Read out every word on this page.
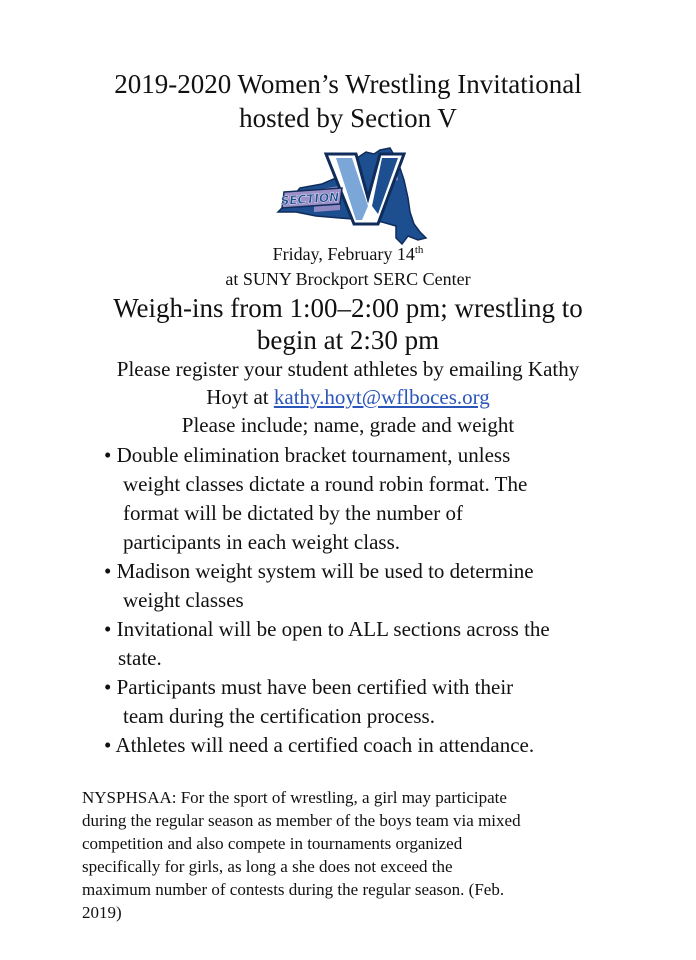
2019-2020 Women’s Wrestling Invitational
hosted by Section V
SECTION
Friday, February 14th
at SUNY Brockport SERC Center
Weigh-ins from 1:00–2:00 pm; wrestling to
begin at 2:30 pm
Please register your student athletes by emailing Kathy
Hoyt at kathy.hoyt@wflboces.org
Please include; name, grade and weight
• Double elimination bracket tournament, unless
weight classes dictate a round robin format. The
format will be dictated by the number of
participants in each weight class.
• Madison weight system will be used to determine
weight classes
• Invitational will be open to ALL sections across the
state.
• Participants must have been certified with their
team during the certification process.
• Athletes will need a certified coach in attendance.
NYSPHSAA: For the sport of wrestling, a girl may participate
during the regular season as member of the boys team via mixed
competition and also compete in tournaments organized
specifically for girls, as long a she does not exceed the
maximum number of contests during the regular season. (Feb.
2019)
